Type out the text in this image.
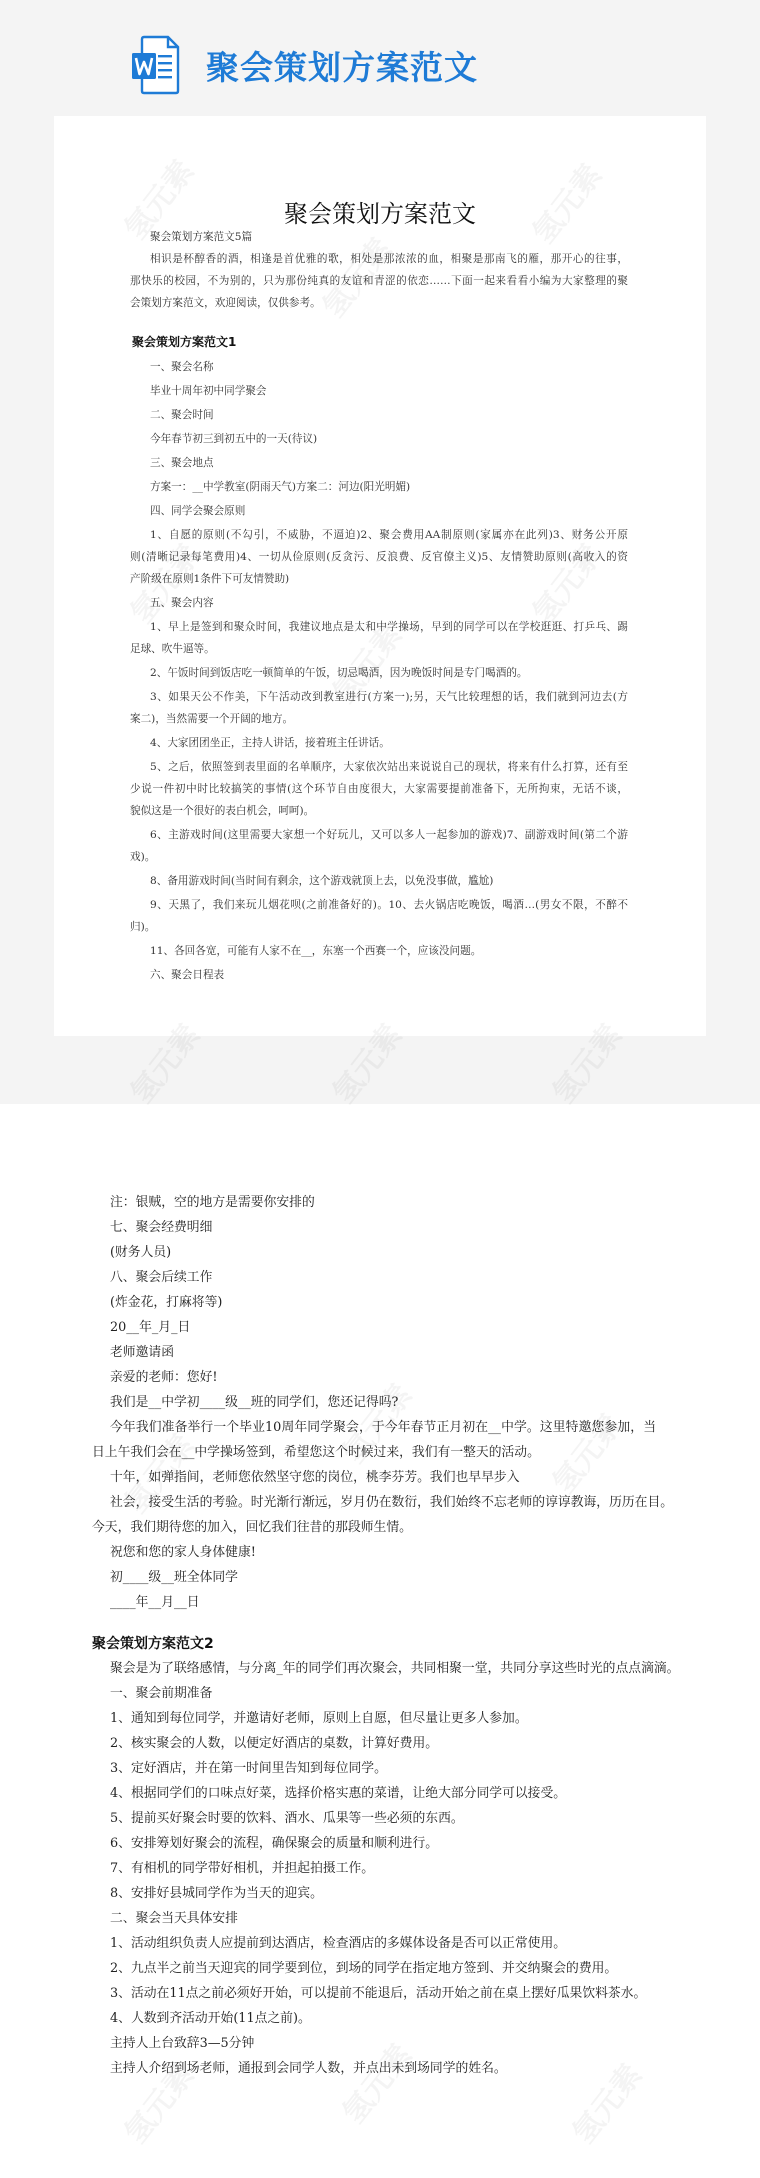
聚会策划方案范文
聚会策划方案范文

聚会策划方案范文5篇

相识是杯醇香的酒，相逢是首优雅的歌，相处是那浓浓的血，相聚是那南飞的雁，那开心的往事，

那快乐的校园，不为别的，只为那份纯真的友谊和青涩的依恋……下面一起来看看小编为大家整理的聚

会策划方案范文，欢迎阅读，仅供参考。

聚会策划方案范文1

一、聚会名称

毕业十周年初中同学聚会

二、聚会时间

今年春节初三到初五中的一天(待议)

三、聚会地点

方案一：__中学教室(阴雨天气)方案二：河边(阳光明媚)

四、同学会聚会原则

1、自愿的原则(不勾引，不威胁，不逼迫)2、聚会费用AA制原则(家属亦在此列)3、财务公开原

则(清晰记录每笔费用)4、一切从俭原则(反贪污、反浪费、反官僚主义)5、友情赞助原则(高收入的资

产阶级在原则1条件下可友情赞助)

五、聚会内容

1、早上是签到和聚众时间，我建议地点是太和中学操场，早到的同学可以在学校逛逛、打乒乓、踢

足球、吹牛逼等。

2、午饭时间到饭店吃一顿简单的午饭，切忌喝酒，因为晚饭时间是专门喝酒的。

3、如果天公不作美，下午活动改到教室进行(方案一);另，天气比较理想的话，我们就到河边去(方

案二)，当然需要一个开阔的地方。

4、大家团团坐正，主持人讲话，接着班主任讲话。

5、之后，依照签到表里面的名单顺序，大家依次站出来说说自己的现状，将来有什么打算，还有至

少说一件初中时比较搞笑的事情(这个环节自由度很大，大家需要提前准备下，无所拘束，无话不谈，

貌似这是一个很好的表白机会，呵呵)。

6、主游戏时间(这里需要大家想一个好玩儿，又可以多人一起参加的游戏)7、副游戏时间(第二个游

戏)。

8、备用游戏时间(当时间有剩余，这个游戏就顶上去，以免没事做，尴尬)

9、天黑了，我们来玩儿烟花呗(之前准备好的)。10、去火锅店吃晚饭，喝酒…(男女不限，不醉不

归)。

11、各回各宽，可能有人家不在__，东塞一个西赛一个，应该没问题。

六、聚会日程表

注：银贼，空的地方是需要你安排的

七、聚会经费明细

(财务人员)

八、聚会后续工作

(炸金花，打麻将等)

20__年_月_日

老师邀请函

亲爱的老师：您好!

我们是__中学初____级__班的同学们，您还记得吗?

今年我们准备举行一个毕业10周年同学聚会，于今年春节正月初在__中学。这里特邀您参加，当

日上午我们会在__中学操场签到，希望您这个时候过来，我们有一整天的活动。

十年，如弹指间，老师您依然坚守您的岗位，桃李芬芳。我们也早早步入

社会，接受生活的考验。时光渐行渐远，岁月仍在数衍，我们始终不忘老师的谆谆教诲，历历在目。

今天，我们期待您的加入，回忆我们往昔的那段师生情。

祝您和您的家人身体健康!

初____级__班全体同学

____年__月__日

聚会策划方案范文2

聚会是为了联络感情，与分离_年的同学们再次聚会，共同相聚一堂，共同分享这些时光的点点滴滴。

一、聚会前期准备

1、通知到每位同学，并邀请好老师，原则上自愿，但尽量让更多人参加。

2、核实聚会的人数，以便定好酒店的桌数，计算好费用。

3、定好酒店，并在第一时间里告知到每位同学。

4、根据同学们的口味点好菜，选择价格实惠的菜谱，让绝大部分同学可以接受。

5、提前买好聚会时要的饮料、酒水、瓜果等一些必须的东西。

6、安排筹划好聚会的流程，确保聚会的质量和顺利进行。

7、有相机的同学带好相机，并担起拍摄工作。

8、安排好县城同学作为当天的迎宾。

二、聚会当天具体安排

1、活动组织负责人应提前到达酒店，检查酒店的多媒体设备是否可以正常使用。

2、九点半之前当天迎宾的同学要到位，到场的同学在指定地方签到、并交纳聚会的费用。

3、活动在11点之前必须好开始，可以提前不能退后，活动开始之前在桌上摆好瓜果饮料茶水。

4、人数到齐活动开始(11点之前)。

主持人上台致辞3—5分钟

主持人介绍到场老师，通报到会同学人数，并点出未到场同学的姓名。
